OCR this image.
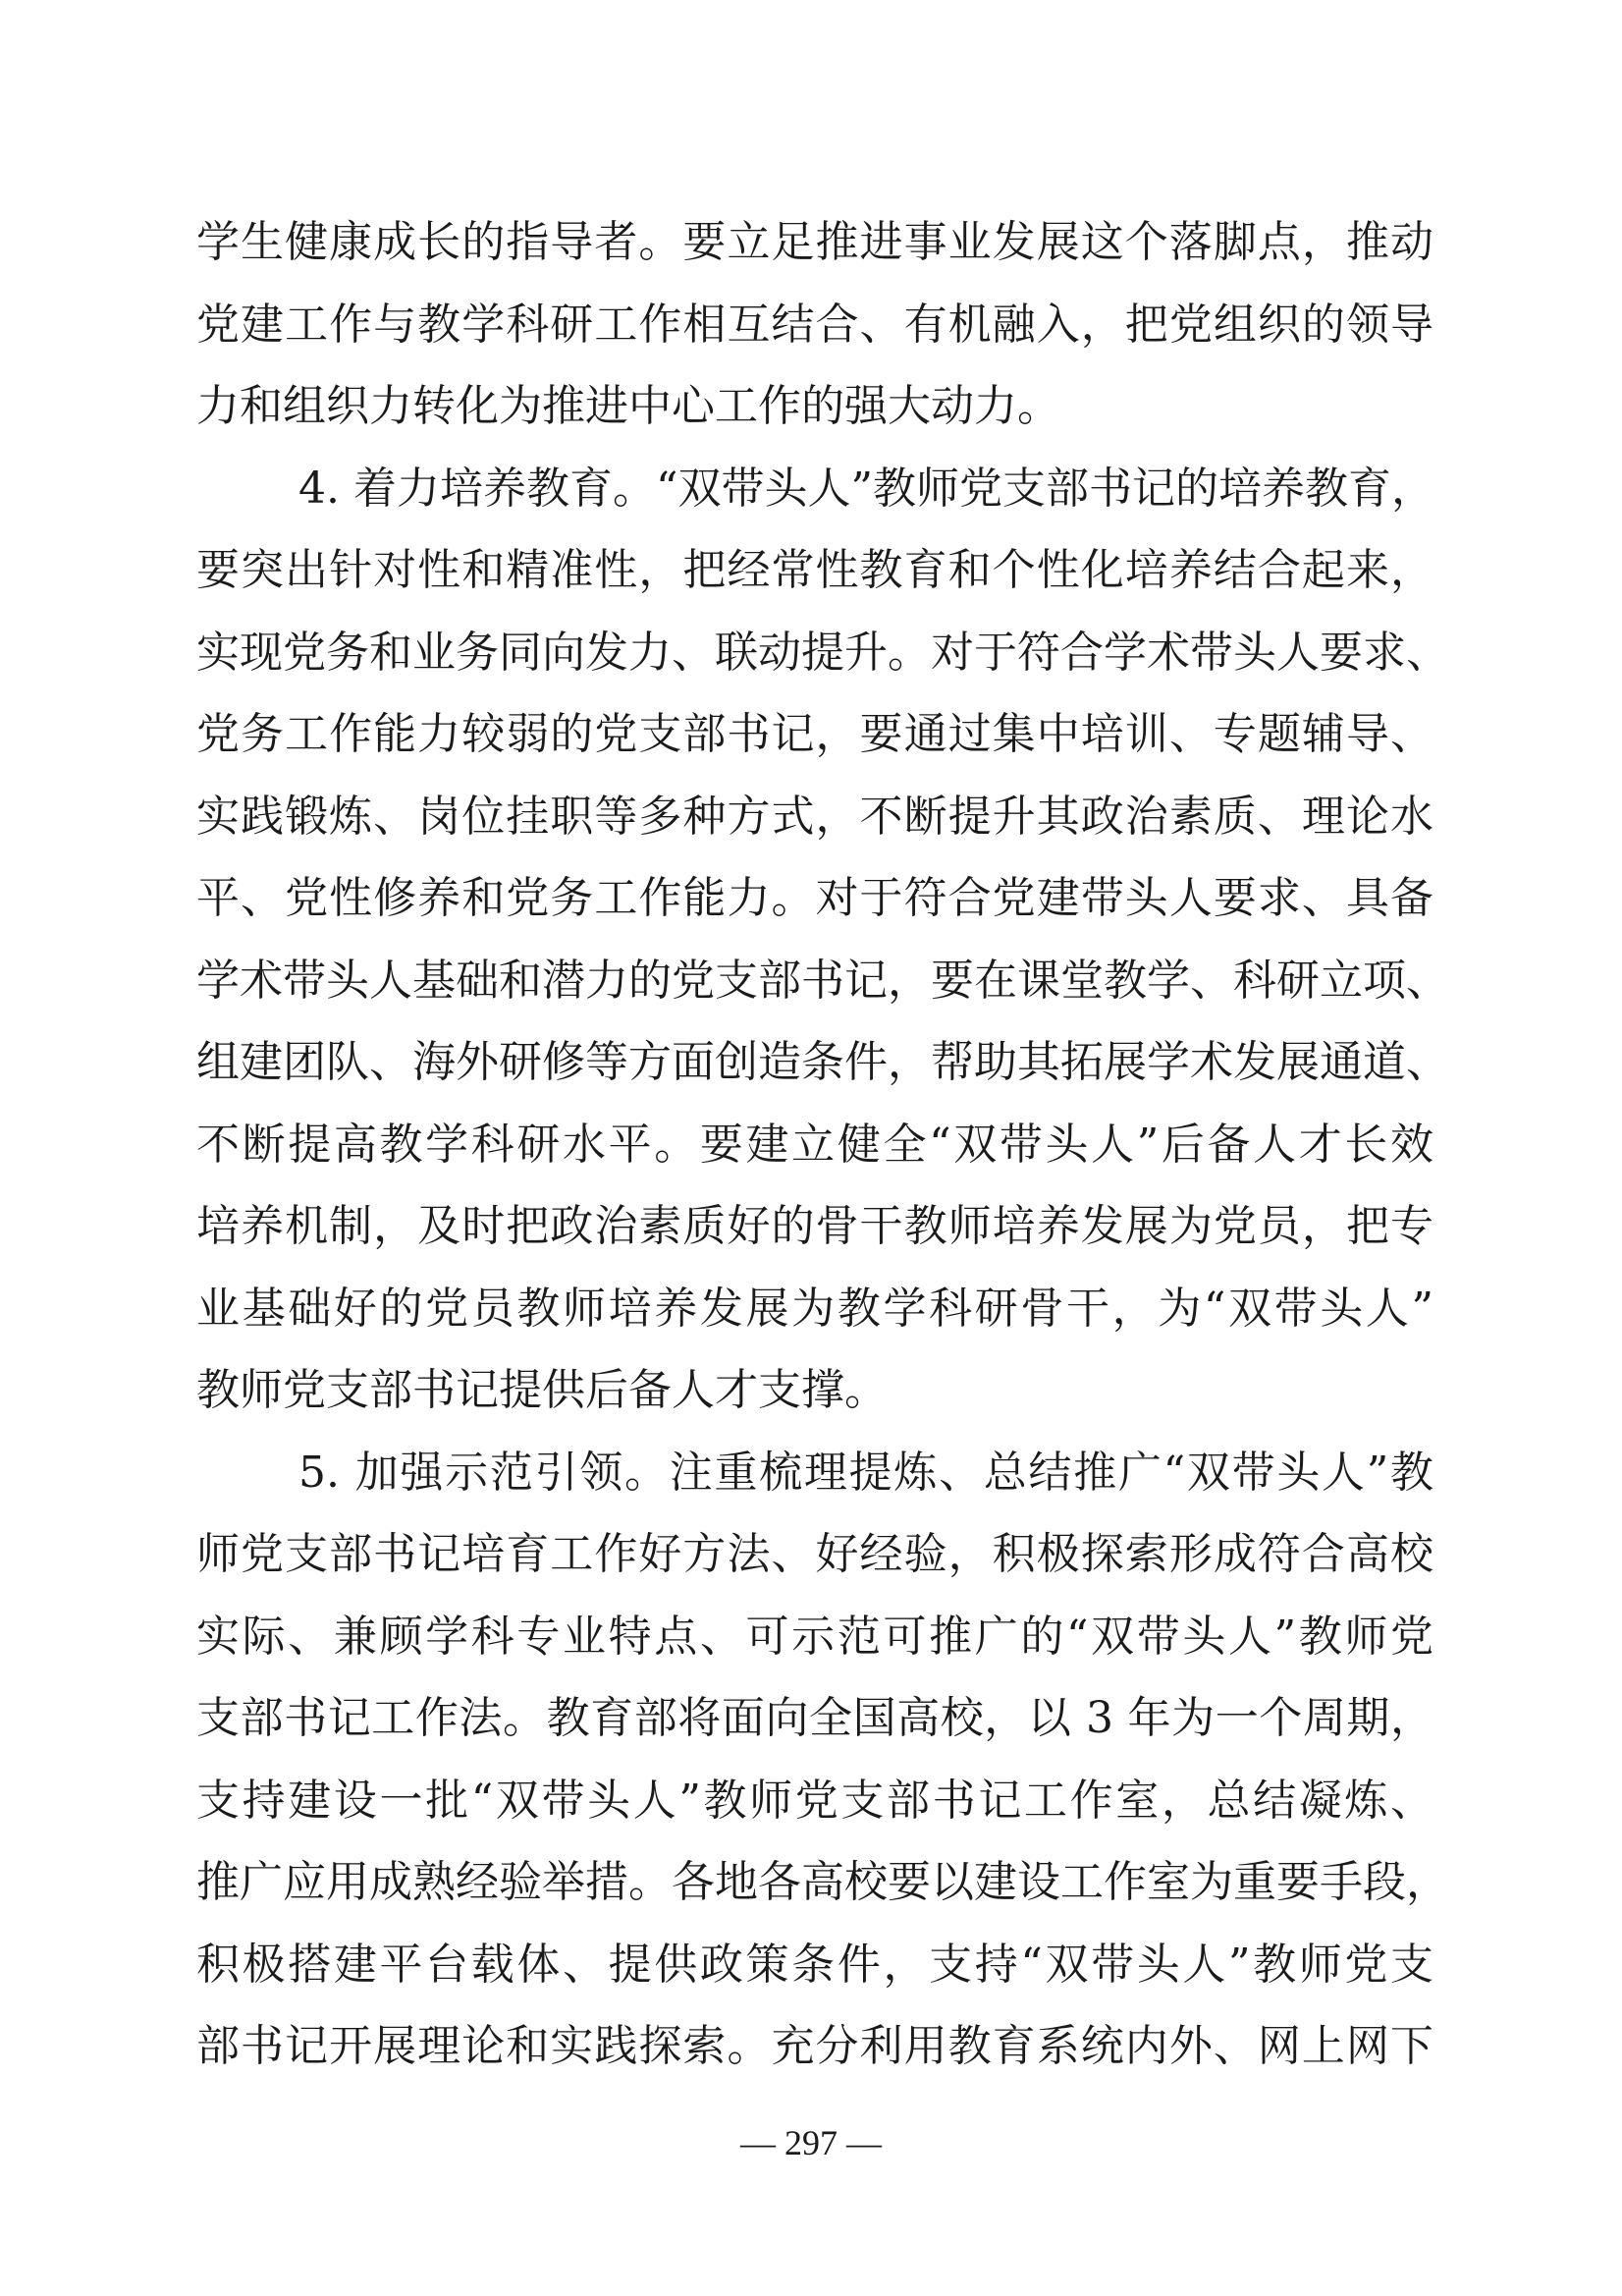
学生健康成长的指导者。要立足推进事业发展这个落脚点，推动
党建工作与教学科研工作相互结合、有机融入，把党组织的领导
力和组织力转化为推进中心工作的强大动力。
4. 着力培养教育。“双带头人”教师党支部书记的培养教育，
要突出针对性和精准性，把经常性教育和个性化培养结合起来，
实现党务和业务同向发力、联动提升。对于符合学术带头人要求、
党务工作能力较弱的党支部书记，要通过集中培训、专题辅导、
实践锻炼、岗位挂职等多种方式，不断提升其政治素质、理论水
平、党性修养和党务工作能力。对于符合党建带头人要求、具备
学术带头人基础和潜力的党支部书记，要在课堂教学、科研立项、
组建团队、海外研修等方面创造条件，帮助其拓展学术发展通道、
不断提高教学科研水平。要建立健全“双带头人”后备人才长效
培养机制，及时把政治素质好的骨干教师培养发展为党员，把专
业基础好的党员教师培养发展为教学科研骨干，为“双带头人”
教师党支部书记提供后备人才支撑。
5. 加强示范引领。注重梳理提炼、总结推广“双带头人”教
师党支部书记培育工作好方法、好经验，积极探索形成符合高校
实际、兼顾学科专业特点、可示范可推广的“双带头人”教师党
支部书记工作法。教育部将面向全国高校，以 3 年为一个周期，
支持建设一批“双带头人”教师党支部书记工作室，总结凝炼、
推广应用成熟经验举措。各地各高校要以建设工作室为重要手段，
积极搭建平台载体、提供政策条件，支持“双带头人”教师党支
部书记开展理论和实践探索。充分利用教育系统内外、网上网下
— 297 —
